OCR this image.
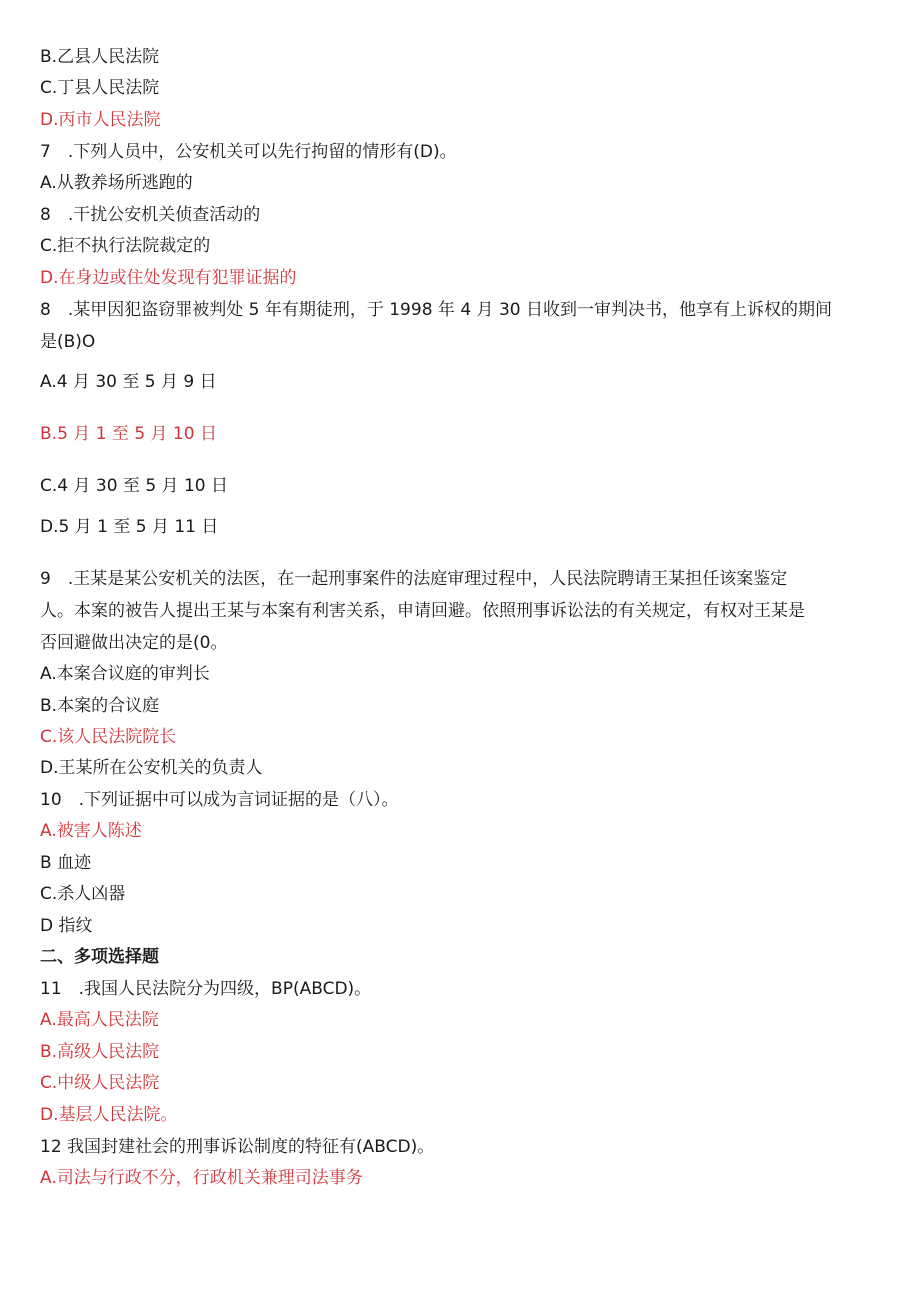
B.乙县人民法院
C.丁县人民法院
D.丙市人民法院
7　.下列人员中，公安机关可以先行拘留的情形有(D)。
A.从教养场所逃跑的
8　.干扰公安机关侦查活动的
C.拒不执行法院裁定的
D.在身边或住处发现有犯罪证据的
8　.某甲因犯盗窃罪被判处 5 年有期徒刑，于 1998 年 4 月 30 日收到一审判决书，他享有上诉权的期间
是(B)O
A.4 月 30 至 5 月 9 日
B.5 月 1 至 5 月 10 日
C.4 月 30 至 5 月 10 日
D.5 月 1 至 5 月 11 日
9　.王某是某公安机关的法医，在一起刑事案件的法庭审理过程中，人民法院聘请王某担任该案鉴定
人。本案的被告人提出王某与本案有利害关系，申请回避。依照刑事诉讼法的有关规定，有权对王某是
否回避做出决定的是(0。
A.本案合议庭的审判长
B.本案的合议庭
C.该人民法院院长
D.王某所在公安机关的负责人
10　.下列证据中可以成为言词证据的是（八）。
A.被害人陈述
B 血迹
C.杀人凶器
D 指纹
二、多项选择题
11　.我国人民法院分为四级，BP(ABCD)。
A.最高人民法院
B.高级人民法院
C.中级人民法院
D.基层人民法院。
12 我国封建社会的刑事诉讼制度的特征有(ABCD)。
A.司法与行政不分，行政机关兼理司法事务
